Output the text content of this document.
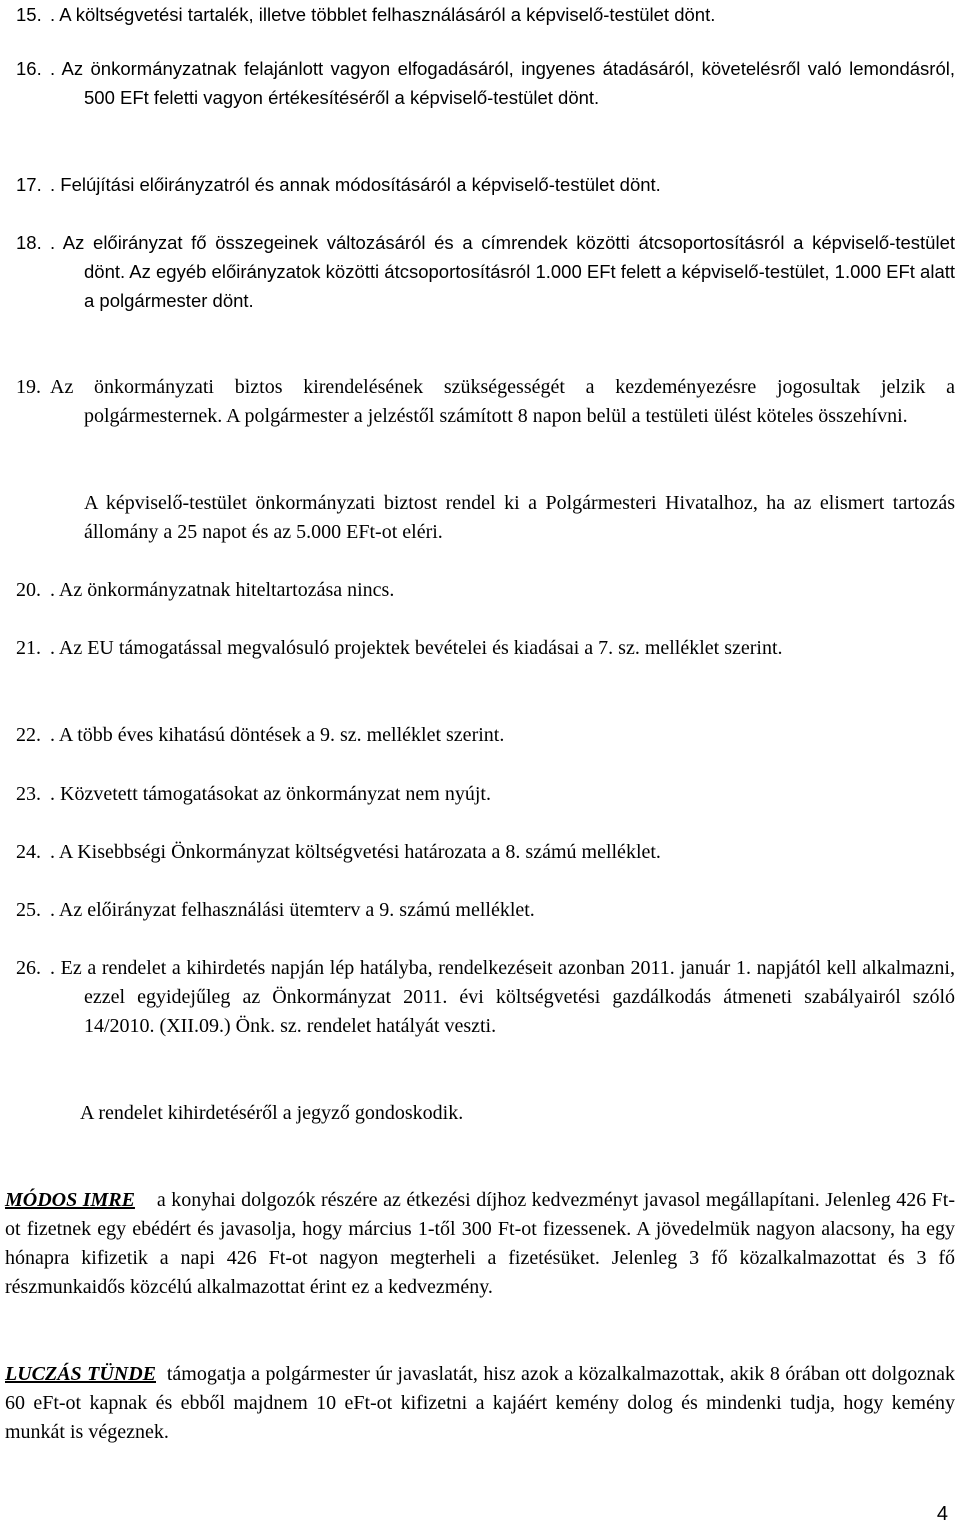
15. . A költségvetési tartalék, illetve többlet felhasználásáról a képviselő-testület dönt.

16. . Az önkormányzatnak felajánlott vagyon elfogadásáról, ingyenes átadásáról, követelésről való lemondásról, 500 EFt feletti vagyon értékesítéséről a képviselő-testület dönt.

17. . Felújítási előirányzatról és annak módosításáról a képviselő-testület dönt.

18. . Az előirányzat fő összegeinek változásáról és a címrendek közötti átcsoportosításról a képviselő-testület dönt. Az egyéb előirányzatok közötti átcsoportosításról 1.000 EFt felett a képviselő-testület, 1.000 EFt alatt a polgármester dönt.

19. Az önkormányzati biztos kirendelésének szükségességét a kezdeményezésre jogosultak jelzik a polgármesternek. A polgármester a jelzéstől számított 8 napon belül a testületi ülést köteles összehívni.

A képviselő-testület önkormányzati biztost rendel ki a Polgármesteri Hivatalhoz, ha az elismert tartozás állomány a 25 napot és az 5.000 EFt-ot eléri.

20. . Az önkormányzatnak hiteltartozása nincs.

21. . Az EU támogatással megvalósuló projektek bevételei és kiadásai a 7. sz. melléklet szerint.

22. . A több éves kihatású döntések a 9. sz. melléklet szerint.

23. . Közvetett támogatásokat az önkormányzat nem nyújt.

24. . A Kisebbségi Önkormányzat költségvetési határozata a 8. számú melléklet.

25. . Az előirányzat felhasználási ütemterv a 9. számú melléklet.

26. . Ez a rendelet a kihirdetés napján lép hatályba, rendelkezéseit azonban 2011. január 1. napjától kell alkalmazni, ezzel egyidejűleg az Önkormányzat 2011. évi költségvetési gazdálkodás átmeneti szabályairól szóló 14/2010. (XII.09.) Önk. sz. rendelet hatályát veszti.

A rendelet kihirdetéséről a jegyző gondoskodik.

MÓDOS IMRE a konyhai dolgozók részére az étkezési díjhoz kedvezményt javasol megállapítani. Jelenleg 426 Ft-ot fizetnek egy ebédért és javasolja, hogy március 1-től 300 Ft-ot fizessenek. A jövedelmük nagyon alacsony, ha egy hónapra kifizetik a napi 426 Ft-ot nagyon megterheli a fizetésüket. Jelenleg 3 fő közalkalmazottat és 3 fő részmunkaidős közcélú alkalmazottat érint ez a kedvezmény.

LUCZÁS TÜNDE támogatja a polgármester úr javaslatát, hisz azok a közalkalmazottak, akik 8 órában ott dolgoznak 60 eFt-ot kapnak és ebből majdnem 10 eFt-ot kifizetni a kajáért kemény dolog és mindenki tudja, hogy kemény munkát is végeznek.

4
